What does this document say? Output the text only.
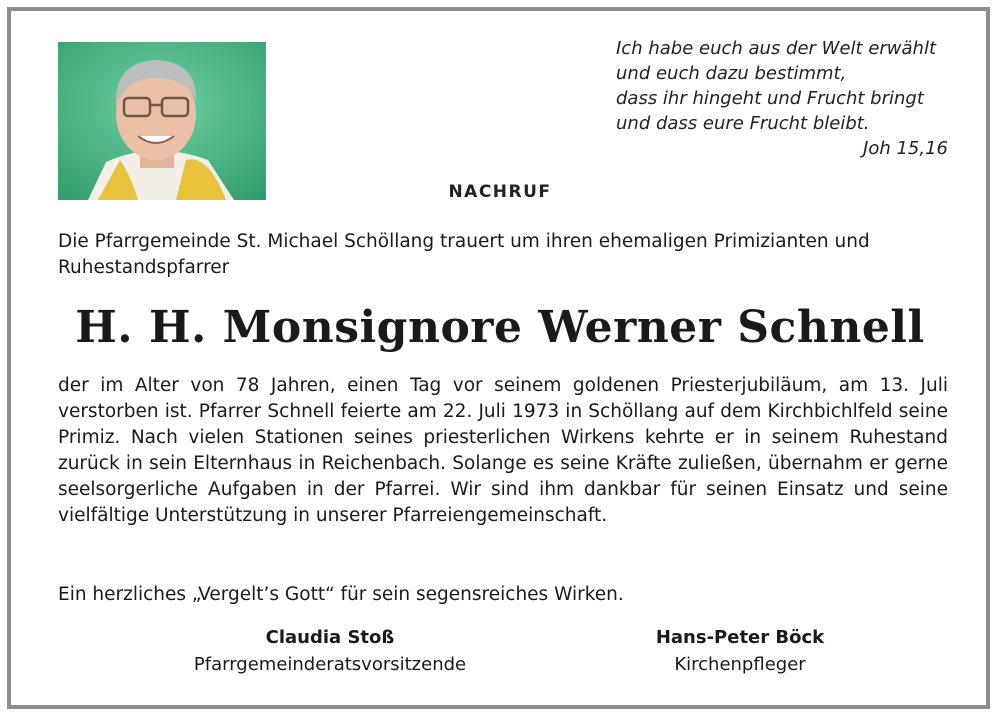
Ich habe euch aus der Welt erwählt
und euch dazu bestimmt,
dass ihr hingeht und Frucht bringt
und dass eure Frucht bleibt.
Joh 15,16
NACHRUF
Die Pfarrgemeinde St. Michael Schöllang trauert um ihren ehemaligen Primizianten und Ruhestandspfarrer
H. H. Monsignore Werner Schnell
der im Alter von 78 Jahren, einen Tag vor seinem goldenen Priesterjubiläum, am 13. Juli verstorben ist. Pfarrer Schnell feierte am 22. Juli 1973 in Schöllang auf dem Kirchbichlfeld seine Primiz. Nach vielen Stationen seines priesterlichen Wirkens kehrte er in seinem Ruhestand zurück in sein Elternhaus in Reichenbach. Solange es seine Kräfte zuließen, übernahm er gerne seelsorgerliche Aufgaben in der Pfarrei. Wir sind ihm dankbar für seinen Einsatz und seine vielfältige Unterstützung in unserer Pfarreiengemeinschaft.
Ein herzliches „Vergelt’s Gott“ für sein segensreiches Wirken.
Claudia Stoß
Pfarrgemeinderatsvorsitzende
Hans-Peter Böck
Kirchenpfleger
